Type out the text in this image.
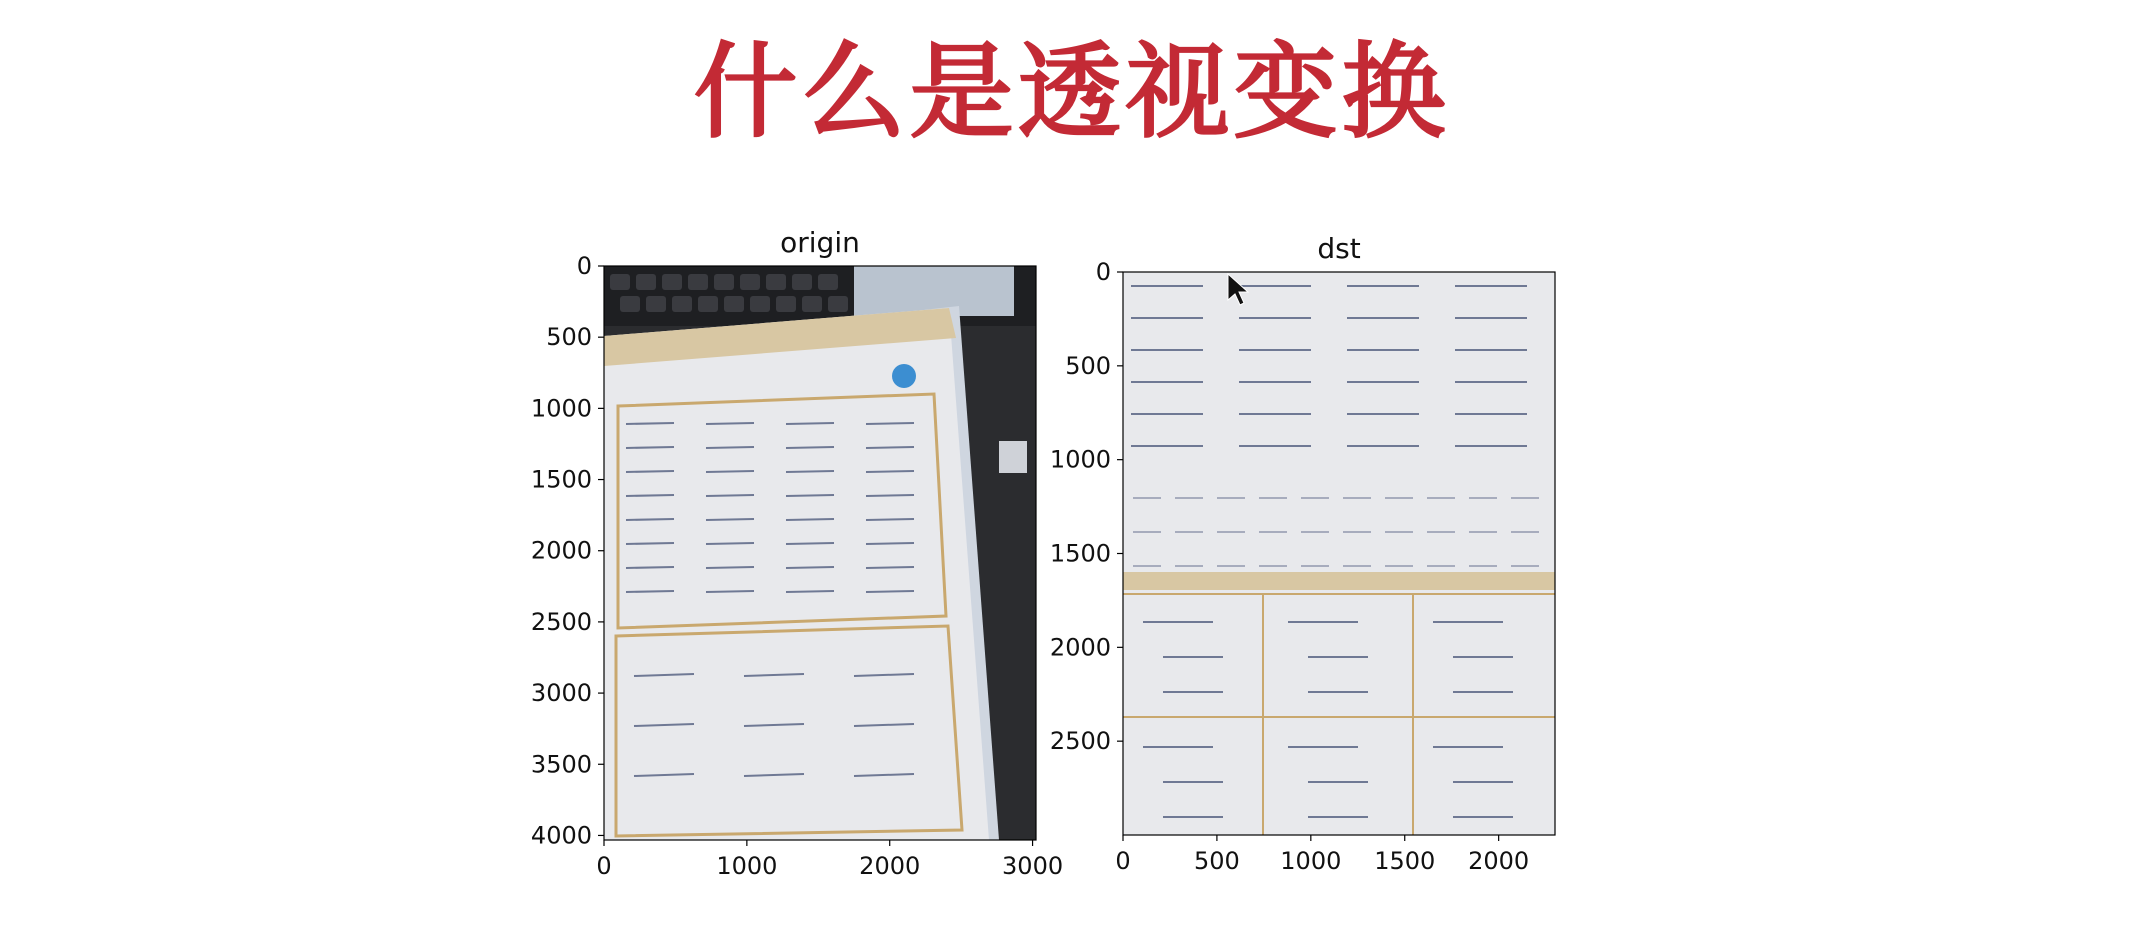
什么是透视变换
origin
0	1000	2000	3000
0
500
1000
1500
2000
2500
3000
3500
4000
dst
0	500 1000 1500 2000
0
500
1000
1500
2000
2500
